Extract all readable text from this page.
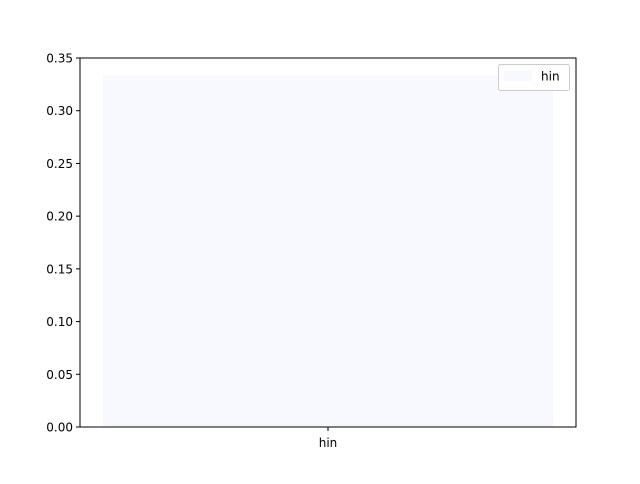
0.00
0.05
0.10
0.15
0.20
0.25
0.30
0.35
hin
hin
